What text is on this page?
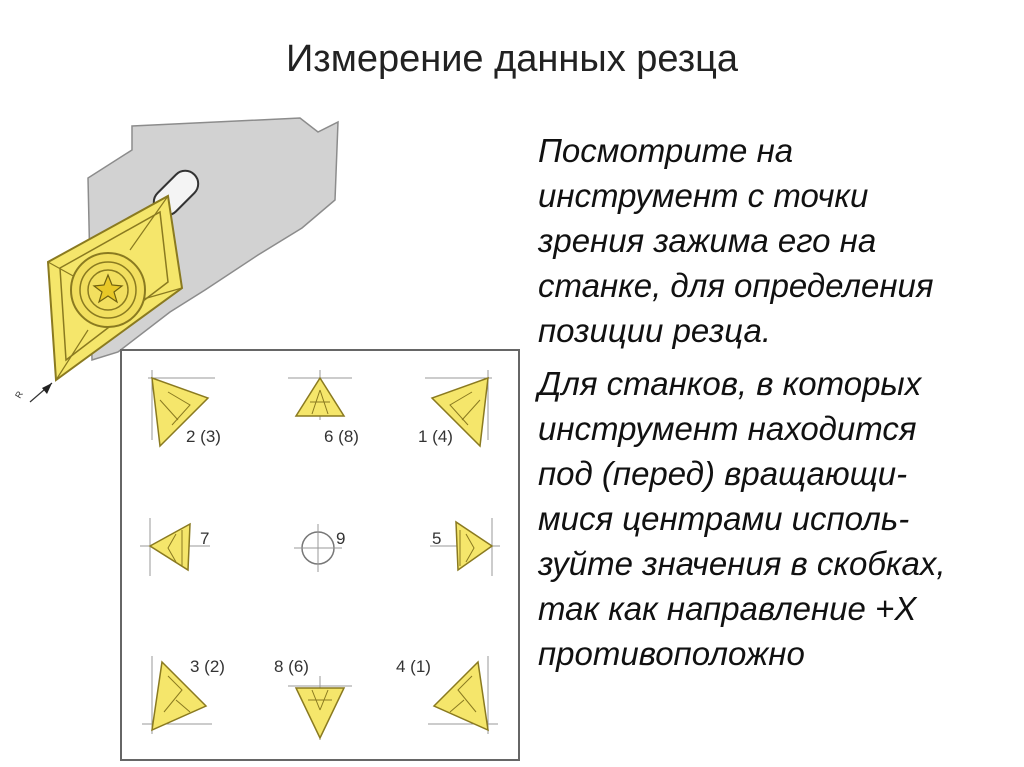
Измерение данных резца
R
2 (3)	6 (8)	1 (4)
7	9	5
3 (2)	8 (6)	4 (1)

Посмотрите на
инструмент с точки
зрения зажима его на
станке, для определения
позиции резца.

Для станков, в которых
инструмент находится
под (перед) вращающи-
мися центрами исполь-
зуйте значения в скобках,
так как направление +X
противоположно
